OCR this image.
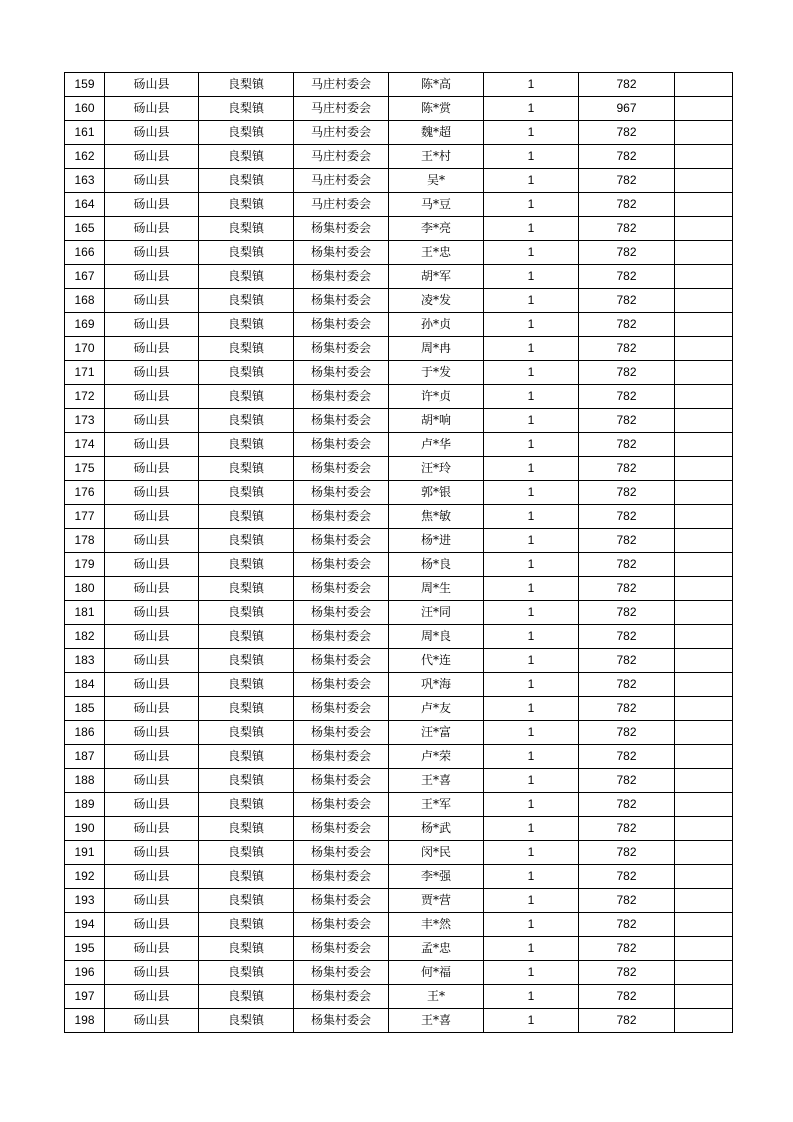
159	砀山县	良梨镇	马庄村委会	陈*高	1	782	
160	砀山县	良梨镇	马庄村委会	陈*赏	1	967	
161	砀山县	良梨镇	马庄村委会	魏*超	1	782	
162	砀山县	良梨镇	马庄村委会	王*村	1	782	
163	砀山县	良梨镇	马庄村委会	吴*	1	782	
164	砀山县	良梨镇	马庄村委会	马*豆	1	782	
165	砀山县	良梨镇	杨集村委会	李*亮	1	782	
166	砀山县	良梨镇	杨集村委会	王*忠	1	782	
167	砀山县	良梨镇	杨集村委会	胡*军	1	782	
168	砀山县	良梨镇	杨集村委会	凌*发	1	782	
169	砀山县	良梨镇	杨集村委会	孙*贞	1	782	
170	砀山县	良梨镇	杨集村委会	周*冉	1	782	
171	砀山县	良梨镇	杨集村委会	于*发	1	782	
172	砀山县	良梨镇	杨集村委会	许*贞	1	782	
173	砀山县	良梨镇	杨集村委会	胡*响	1	782	
174	砀山县	良梨镇	杨集村委会	卢*华	1	782	
175	砀山县	良梨镇	杨集村委会	汪*玲	1	782	
176	砀山县	良梨镇	杨集村委会	郭*银	1	782	
177	砀山县	良梨镇	杨集村委会	焦*敏	1	782	
178	砀山县	良梨镇	杨集村委会	杨*进	1	782	
179	砀山县	良梨镇	杨集村委会	杨*良	1	782	
180	砀山县	良梨镇	杨集村委会	周*生	1	782	
181	砀山县	良梨镇	杨集村委会	汪*同	1	782	
182	砀山县	良梨镇	杨集村委会	周*良	1	782	
183	砀山县	良梨镇	杨集村委会	代*连	1	782	
184	砀山县	良梨镇	杨集村委会	巩*海	1	782	
185	砀山县	良梨镇	杨集村委会	卢*友	1	782	
186	砀山县	良梨镇	杨集村委会	汪*富	1	782	
187	砀山县	良梨镇	杨集村委会	卢*荣	1	782	
188	砀山县	良梨镇	杨集村委会	王*喜	1	782	
189	砀山县	良梨镇	杨集村委会	王*军	1	782	
190	砀山县	良梨镇	杨集村委会	杨*武	1	782	
191	砀山县	良梨镇	杨集村委会	闵*民	1	782	
192	砀山县	良梨镇	杨集村委会	李*强	1	782	
193	砀山县	良梨镇	杨集村委会	贾*营	1	782	
194	砀山县	良梨镇	杨集村委会	丰*然	1	782	
195	砀山县	良梨镇	杨集村委会	孟*忠	1	782	
196	砀山县	良梨镇	杨集村委会	何*福	1	782	
197	砀山县	良梨镇	杨集村委会	王*	1	782	
198	砀山县	良梨镇	杨集村委会	王*喜	1	782	
